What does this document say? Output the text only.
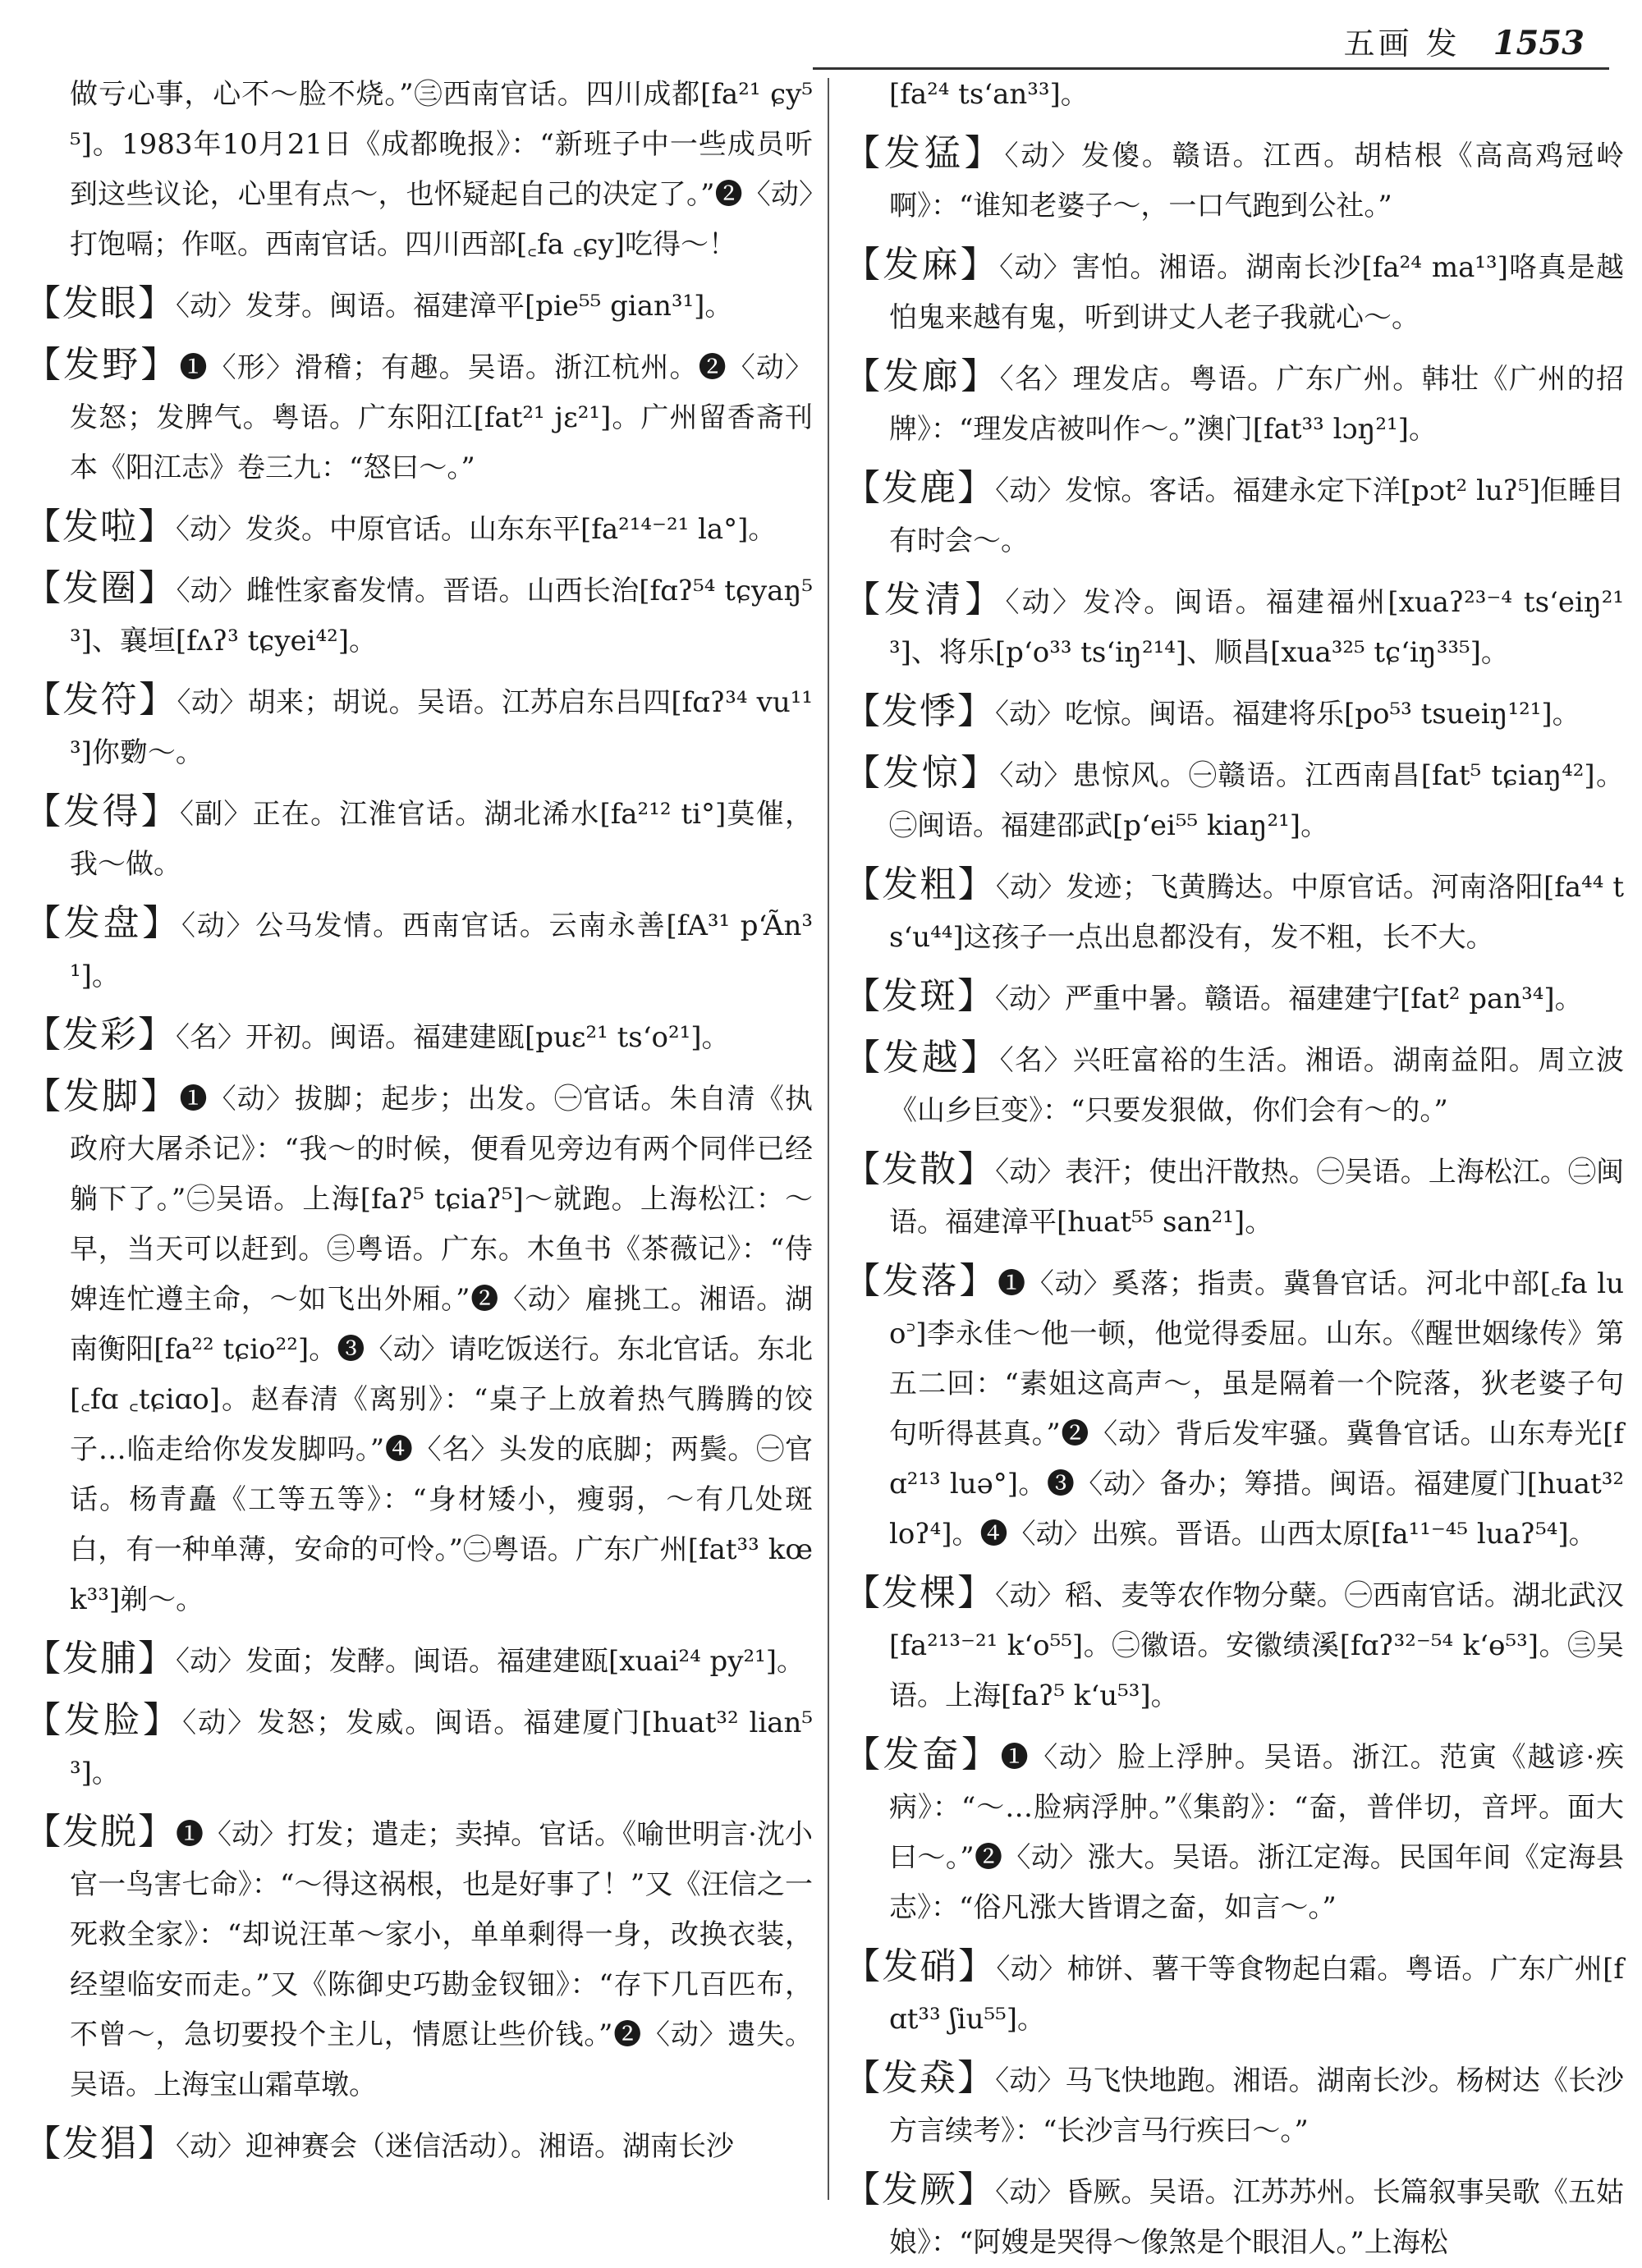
五画 发 1553

做亏心事，心不～脸不烧。”㊂西南官话。四川成都[fa²¹ ɕy⁵⁵]。1983年10月21日《成都晚报》：“新班子中一些成员听到这些议论，心里有点～，也怀疑起自己的决定了。”❷〈动〉打饱嗝；作呕。西南官话。四川西部[꜀fa ꜀ɕy]吃得～！

【发眼】〈动〉发芽。闽语。福建漳平[pie⁵⁵ gian³¹]。

【发野】❶〈形〉滑稽；有趣。吴语。浙江杭州。❷〈动〉发怒；发脾气。粤语。广东阳江[fat²¹ jɛ²¹]。广州留香斋刊本《阳江志》卷三九：“怒曰～。”

【发啦】〈动〉发炎。中原官话。山东东平[fa²¹⁴⁻²¹ la°]。

【发圈】〈动〉雌性家畜发情。晋语。山西长治[fɑʔ⁵⁴ tɕyaŋ⁵³]、襄垣[fʌʔ³ tɕyei⁴²]。

【发符】〈动〉胡来；胡说。吴语。江苏启东吕四[fɑʔ³⁴ vu¹¹³]你覅～。

【发得】〈副〉正在。江淮官话。湖北浠水[fa²¹² ti°]莫催，我～做。

【发盘】〈动〉公马发情。西南官话。云南永善[fA³¹ p‘Ãn³¹]。

【发彩】〈名〉开初。闽语。福建建瓯[puɛ²¹ ts‘o²¹]。

【发脚】❶〈动〉拔脚；起步；出发。㊀官话。朱自清《执政府大屠杀记》：“我～的时候，便看见旁边有两个同伴已经躺下了。”㊁吴语。上海[faʔ⁵ tɕiaʔ⁵]～就跑。上海松江：～早，当天可以赶到。㊂粤语。广东。木鱼书《茶薇记》：“侍婢连忙遵主命，～如飞出外厢。”❷〈动〉雇挑工。湘语。湖南衡阳[fa²² tɕio²²]。❸〈动〉请吃饭送行。东北官话。东北[꜀fɑ ꜀tɕiɑo]。赵春清《离别》：“桌子上放着热气腾腾的饺子…临走给你发发脚吗。”❹〈名〉头发的底脚；两鬓。㊀官话。杨青矗《工等五等》：“身材矮小，瘦弱，～有几处斑白，有一种单薄，安命的可怜。”㊁粤语。广东广州[fat³³ kœk³³]剃～。

【发脯】〈动〉发面；发酵。闽语。福建建瓯[xuai²⁴ py²¹]。

【发脸】〈动〉发怒；发威。闽语。福建厦门[huat³² lian⁵³]。

【发脱】❶〈动〉打发；遣走；卖掉。官话。《喻世明言·沈小官一鸟害七命》：“～得这祸根，也是好事了！”又《汪信之一死救全家》：“却说汪革～家小，单单剩得一身，改换衣装，经望临安而走。”又《陈御史巧勘金钗钿》：“存下几百匹布，不曾～，急切要投个主儿，情愿让些价钱。”❷〈动〉遗失。吴语。上海宝山霜草墩。

【发猖】〈动〉迎神赛会（迷信活动）。湘语。湖南长沙

[fa²⁴ ts‘an³³]。

【发猛】〈动〉发傻。赣语。江西。胡桔根《高高鸡冠岭啊》：“谁知老婆子～，一口气跑到公社。”

【发麻】〈动〉害怕。湘语。湖南长沙[fa²⁴ ma¹³]咯真是越怕鬼来越有鬼，听到讲丈人老子我就心～。

【发廊】〈名〉理发店。粤语。广东广州。韩壮《广州的招牌》：“理发店被叫作～。”澳门[fat³³ lɔŋ²¹]。

【发鹿】〈动〉发惊。客话。福建永定下洋[pɔt² luʔ⁵]佢睡目有时会～。

【发清】〈动〉发冷。闽语。福建福州[xuaʔ²³⁻⁴ ts‘eiŋ²¹³]、将乐[p‘o³³ ts‘iŋ²¹⁴]、顺昌[xua³²⁵ tɕ‘iŋ³³⁵]。

【发悸】〈动〉吃惊。闽语。福建将乐[po⁵³ tsueiŋ¹²¹]。

【发惊】〈动〉患惊风。㊀赣语。江西南昌[fat⁵ tɕiaŋ⁴²]。㊁闽语。福建邵武[p‘ei⁵⁵ kiaŋ²¹]。

【发粗】〈动〉发迹；飞黄腾达。中原官话。河南洛阳[fa⁴⁴ ts‘u⁴⁴]这孩子一点出息都没有，发不粗，长不大。

【发斑】〈动〉严重中暑。赣语。福建建宁[fat² pan³⁴]。

【发越】〈名〉兴旺富裕的生活。湘语。湖南益阳。周立波《山乡巨变》：“只要发狠做，你们会有～的。”

【发散】〈动〉表汗；使出汗散热。㊀吴语。上海松江。㊁闽语。福建漳平[huat⁵⁵ san²¹]。

【发落】❶〈动〉奚落；指责。冀鲁官话。河北中部[꜀fa luo꜄]李永佳～他一顿，他觉得委屈。山东。《醒世姻缘传》第五二回：“素姐这高声～，虽是隔着一个院落，狄老婆子句句听得甚真。”❷〈动〉背后发牢骚。冀鲁官话。山东寿光[fɑ²¹³ luə°]。❸〈动〉备办；筹措。闽语。福建厦门[huat³² loʔ⁴]。❹〈动〉出殡。晋语。山西太原[fa¹¹⁻⁴⁵ luaʔ⁵⁴]。

【发棵】〈动〉稻、麦等农作物分蘖。㊀西南官话。湖北武汉[fa²¹³⁻²¹ k‘o⁵⁵]。㊁徽语。安徽绩溪[fɑʔ³²⁻⁵⁴ k‘ɵ⁵³]。㊂吴语。上海[faʔ⁵ k‘u⁵³]。

【发奤】❶〈动〉脸上浮肿。吴语。浙江。范寅《越谚·疾病》：“～…脸病浮肿。”《集韵》：“奤，普伴切，音坪。面大曰～。”❷〈动〉涨大。吴语。浙江定海。民国年间《定海县志》：“俗凡涨大皆谓之奤，如言～。”

【发硝】〈动〉柿饼、薯干等食物起白霜。粤语。广东广州[fɑt³³ ʃiu⁵⁵]。

【发猋】〈动〉马飞快地跑。湘语。湖南长沙。杨树达《长沙方言续考》：“长沙言马行疾曰～。”

【发厥】〈动〉昏厥。吴语。江苏苏州。长篇叙事吴歌《五姑娘》：“阿嫂是哭得～像煞是个眼泪人。”上海松
